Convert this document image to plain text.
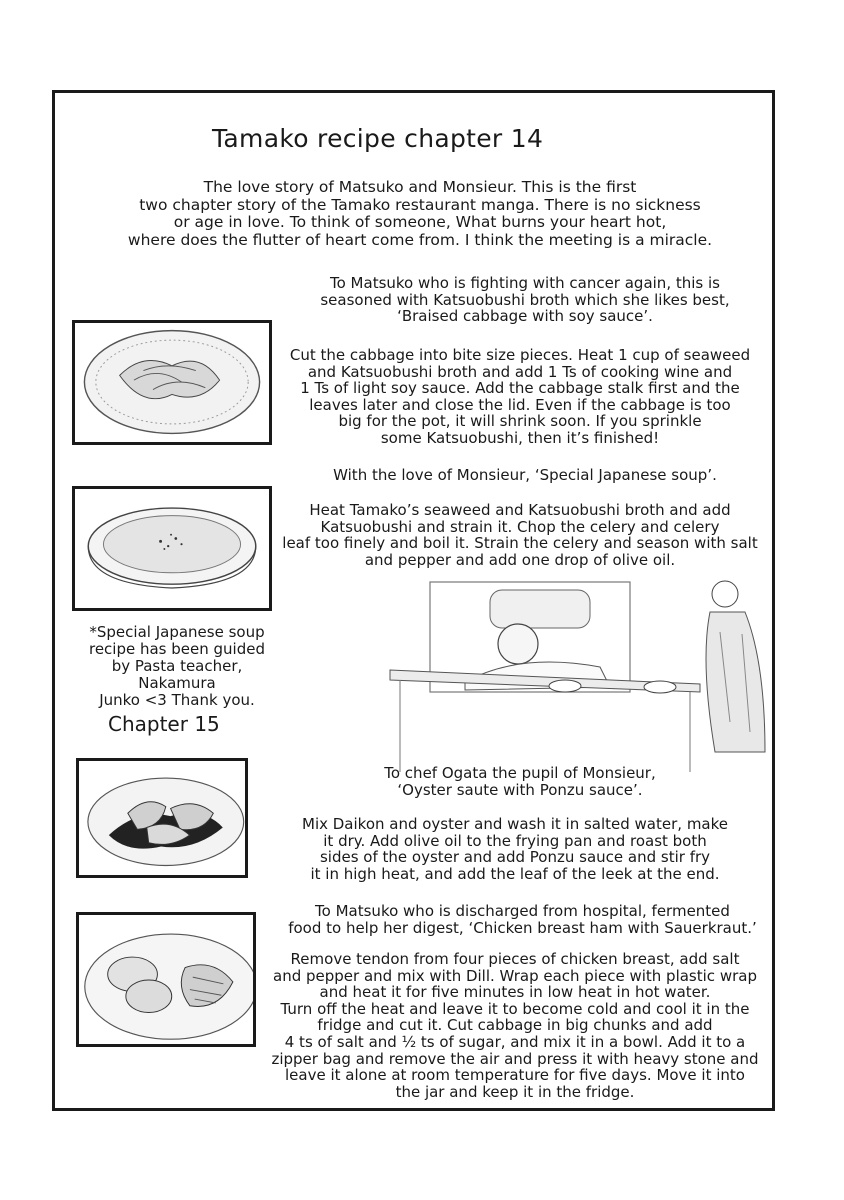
Tamako recipe chapter 14
The love story of Matsuko and Monsieur. This is the first
two chapter story of the Tamako restaurant manga. There is no sickness
or age in love. To think of someone, What burns your heart hot,
where does the flutter of heart come from. I think the meeting is a miracle.
To Matsuko who is fighting with cancer again, this is
seasoned with Katsuobushi broth which she likes best,
‘Braised cabbage with soy sauce’.
Cut the cabbage into bite size pieces. Heat 1 cup of seaweed
and Katsuobushi broth and add 1 Ts of cooking wine and
1 Ts of light soy sauce. Add the cabbage stalk first and the
leaves later and close the lid. Even if the cabbage is too
big for the pot, it will shrink soon. If you sprinkle
some Katsuobushi, then it’s finished!
With the love of Monsieur, ‘Special Japanese soup’.
Heat Tamako’s seaweed and Katsuobushi broth and add
Katsuobushi and strain it. Chop the celery and celery
leaf too finely and boil it. Strain the celery and season with salt
and pepper and add one drop of olive oil.
*Special Japanese soup
recipe has been guided
by Pasta teacher, Nakamura
Junko <3 Thank you.
Chapter 15
To chef Ogata the pupil of Monsieur,
‘Oyster saute with Ponzu sauce’.
Mix Daikon and oyster and wash it in salted water, make
it dry. Add olive oil to the frying pan and roast both
sides of the oyster and add Ponzu sauce and stir fry
it in high heat, and add the leaf of the leek at the end.
To Matsuko who is discharged from hospital, fermented
food to help her digest, ‘Chicken breast ham with Sauerkraut.’
Remove tendon from four pieces of chicken breast, add salt
and pepper and mix with Dill. Wrap each piece with plastic wrap
and heat it for five minutes in low heat in hot water.
Turn off the heat and leave it to become cold and cool it in the
fridge and cut it. Cut cabbage in big chunks and add
4 ts of salt and ½ ts of sugar, and mix it in a bowl. Add it to a
zipper bag and remove the air and press it with heavy stone and
leave it alone at room temperature for five days. Move it into
the jar and keep it in the fridge.
